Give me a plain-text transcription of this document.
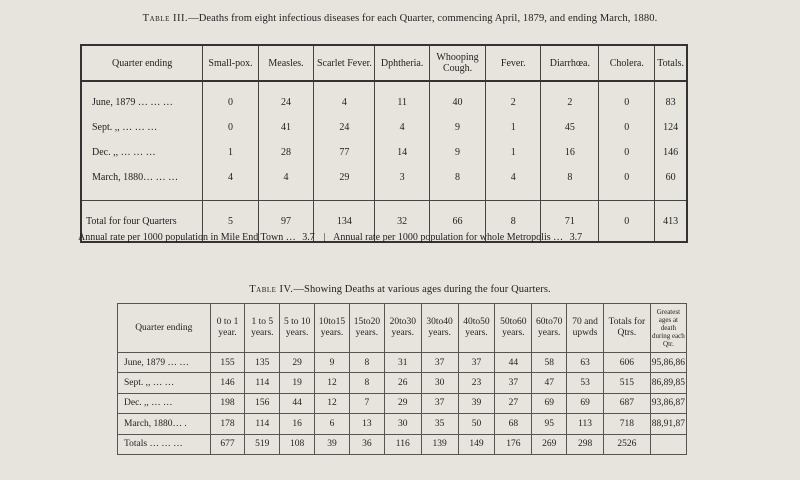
Table III.—Deaths from eight infectious diseases for each Quarter, commencing April, 1879, and ending March, 1880.
Quarter ending	Small-pox.	Measles.	Scarlet Fever.	Dphtheria.	Whooping Cough.	Fever.	Diarrhœa.	Cholera.	Totals.

June, 1879 … … …	0	24	4	11	40	2	2	0	83
Sept. ,, … … …	0	41	24	4	9	1	45	0	124
Dec. ,, … … …	1	28	77	14	9	1	16	0	146
March, 1880… … …	4	4	29	3	8	4	8	0	60

Total for four Quarters	5	97	134	32	66	8	71	0	413
Annual rate per 1000 population in Mile End Town … 3.7 | Annual rate per 1000 population for whole Metropolis … 3.7
Table IV.—Showing Deaths at various ages during the four Quarters.
Quarter ending	0 to 1 year.	1 to 5 years.	5 to 10 years.	10to15 years.	15to20 years.	20to30 years.	30to40 years.	40to50 years.	50to60 years.	60to70 years.	70 and upwds	Totals for Qtrs.	Greatest ages at death during each Qtr.
June, 1879 … …	155	135	29	9	8	31	37	37	44	58	63	606	95,86,86
Sept. ,, … …	146	114	19	12	8	26	30	23	37	47	53	515	86,89,85
Dec. ,, … …	198	156	44	12	7	29	37	39	27	69	69	687	93,86,87
March, 1880… .	178	114	16	6	13	30	35	50	68	95	113	718	88,91,87
Totals … … …	677	519	108	39	36	116	139	149	176	269	298	2526	
